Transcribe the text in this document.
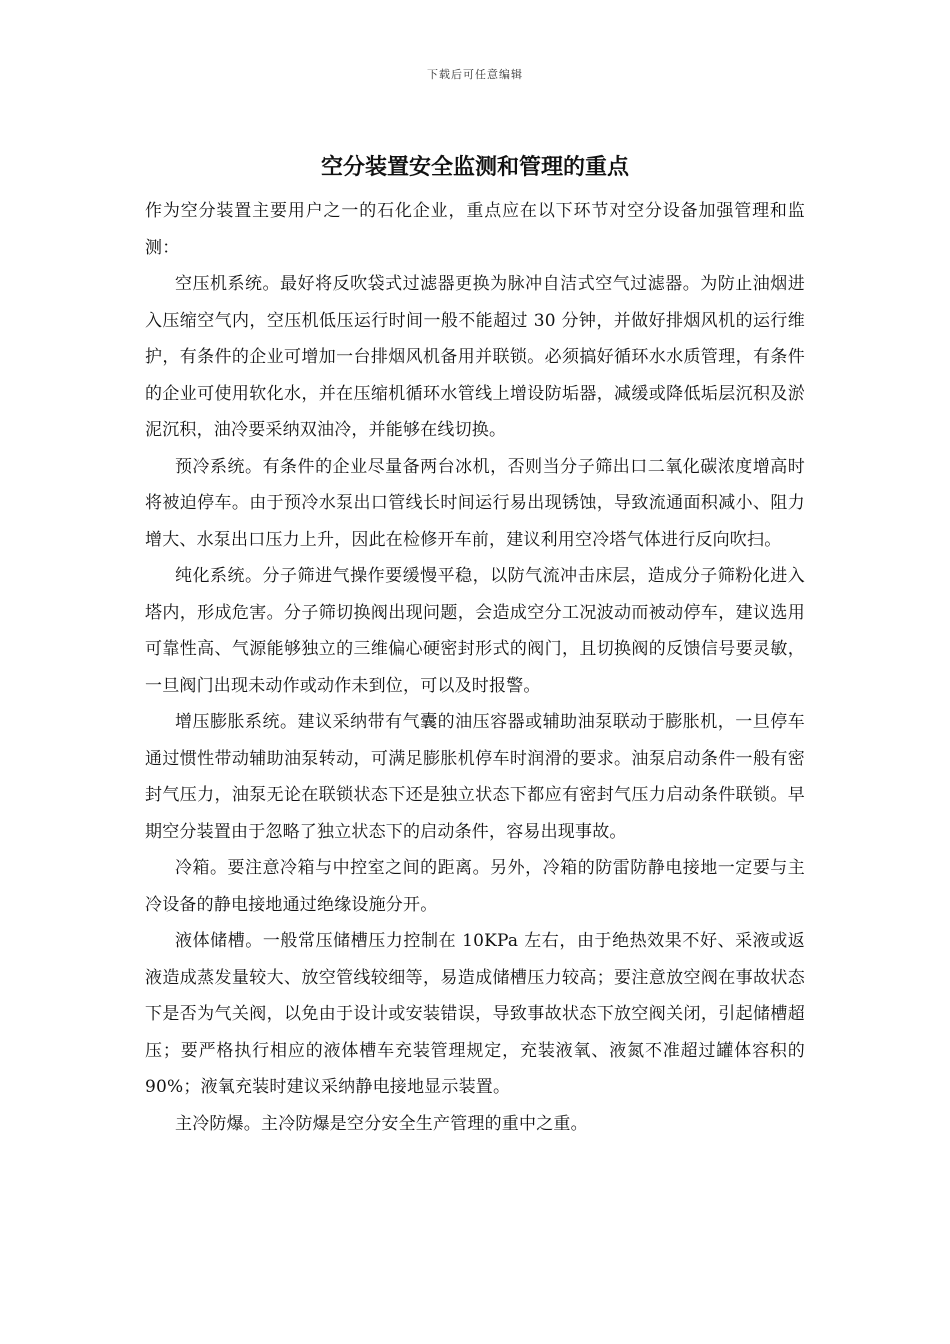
下载后可任意编辑
空分装置安全监测和管理的重点

作为空分装置主要用户之一的石化企业，重点应在以下环节对空分设备加强管理和监测：

空压机系统。最好将反吹袋式过滤器更换为脉冲自洁式空气过滤器。为防止油烟进入压缩空气内，空压机低压运行时间一般不能超过 30 分钟，并做好排烟风机的运行维护，有条件的企业可增加一台排烟风机备用并联锁。必须搞好循环水水质管理，有条件的企业可使用软化水，并在压缩机循环水管线上增设防垢器，减缓或降低垢层沉积及淤泥沉积，油冷要采纳双油冷，并能够在线切换。

预冷系统。有条件的企业尽量备两台冰机，否则当分子筛出口二氧化碳浓度增高时将被迫停车。由于预冷水泵出口管线长时间运行易出现锈蚀，导致流通面积减小、阻力增大、水泵出口压力上升，因此在检修开车前，建议利用空冷塔气体进行反向吹扫。

纯化系统。分子筛进气操作要缓慢平稳，以防气流冲击床层，造成分子筛粉化进入塔内，形成危害。分子筛切换阀出现问题，会造成空分工况波动而被动停车，建议选用可靠性高、气源能够独立的三维偏心硬密封形式的阀门，且切换阀的反馈信号要灵敏，一旦阀门出现未动作或动作未到位，可以及时报警。

增压膨胀系统。建议采纳带有气囊的油压容器或辅助油泵联动于膨胀机，一旦停车通过惯性带动辅助油泵转动，可满足膨胀机停车时润滑的要求。油泵启动条件一般有密封气压力，油泵无论在联锁状态下还是独立状态下都应有密封气压力启动条件联锁。早期空分装置由于忽略了独立状态下的启动条件，容易出现事故。

冷箱。要注意冷箱与中控室之间的距离。另外，冷箱的防雷防静电接地一定要与主冷设备的静电接地通过绝缘设施分开。

液体储槽。一般常压储槽压力控制在 10KPa 左右，由于绝热效果不好、采液或返液造成蒸发量较大、放空管线较细等，易造成储槽压力较高；要注意放空阀在事故状态下是否为气关阀，以免由于设计或安装错误，导致事故状态下放空阀关闭，引起储槽超压；要严格执行相应的液体槽车充装管理规定，充装液氧、液氮不准超过罐体容积的 90%；液氧充装时建议采纳静电接地显示装置。

主冷防爆。主冷防爆是空分安全生产管理的重中之重。
